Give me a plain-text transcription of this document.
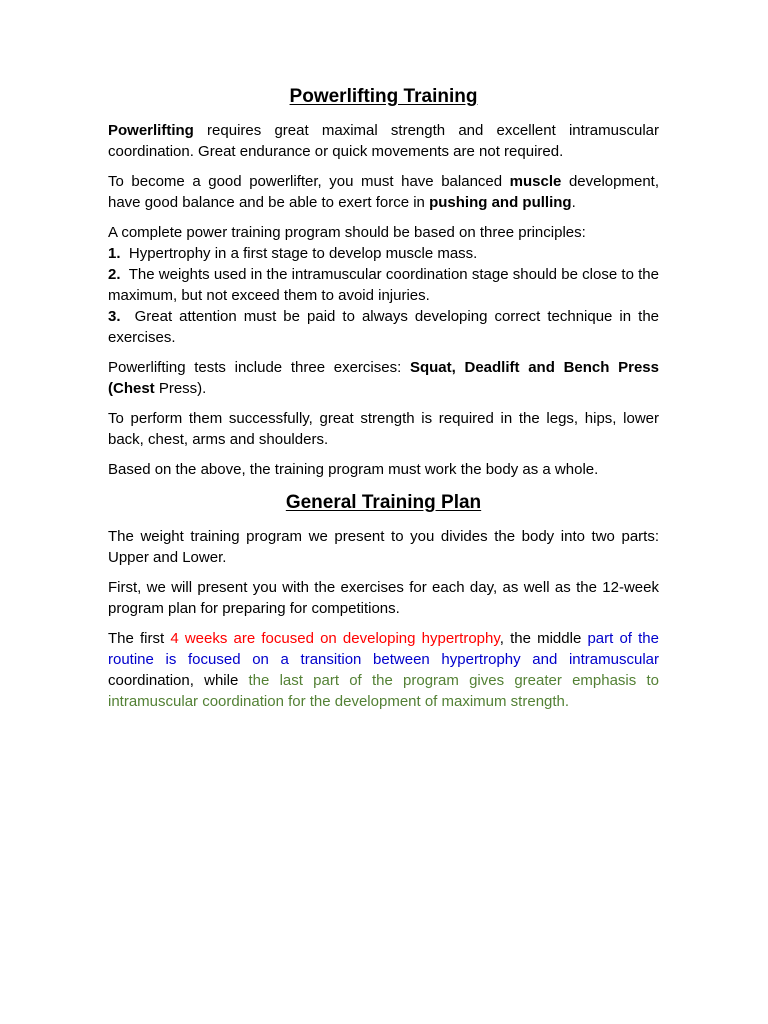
Powerlifting Training

Powerlifting requires great maximal strength and excellent intramuscular coordination. Great endurance or quick movements are not required.

To become a good powerlifter, you must have balanced muscle development, have good balance and be able to exert force in pushing and pulling.

A complete power training program should be based on three principles:
1. Hypertrophy in a first stage to develop muscle mass.
2. The weights used in the intramuscular coordination stage should be close to the maximum, but not exceed them to avoid injuries.
3. Great attention must be paid to always developing correct technique in the exercises.

Powerlifting tests include three exercises: Squat, Deadlift and Bench Press (Chest Press).

To perform them successfully, great strength is required in the legs, hips, lower back, chest, arms and shoulders.

Based on the above, the training program must work the body as a whole.

General Training Plan

The weight training program we present to you divides the body into two parts: Upper and Lower.

First, we will present you with the exercises for each day, as well as the 12-week program plan for preparing for competitions.

The first 4 weeks are focused on developing hypertrophy, the middle part of the routine is focused on a transition between hypertrophy and intramuscular coordination, while the last part of the program gives greater emphasis to intramuscular coordination for the development of maximum strength.
